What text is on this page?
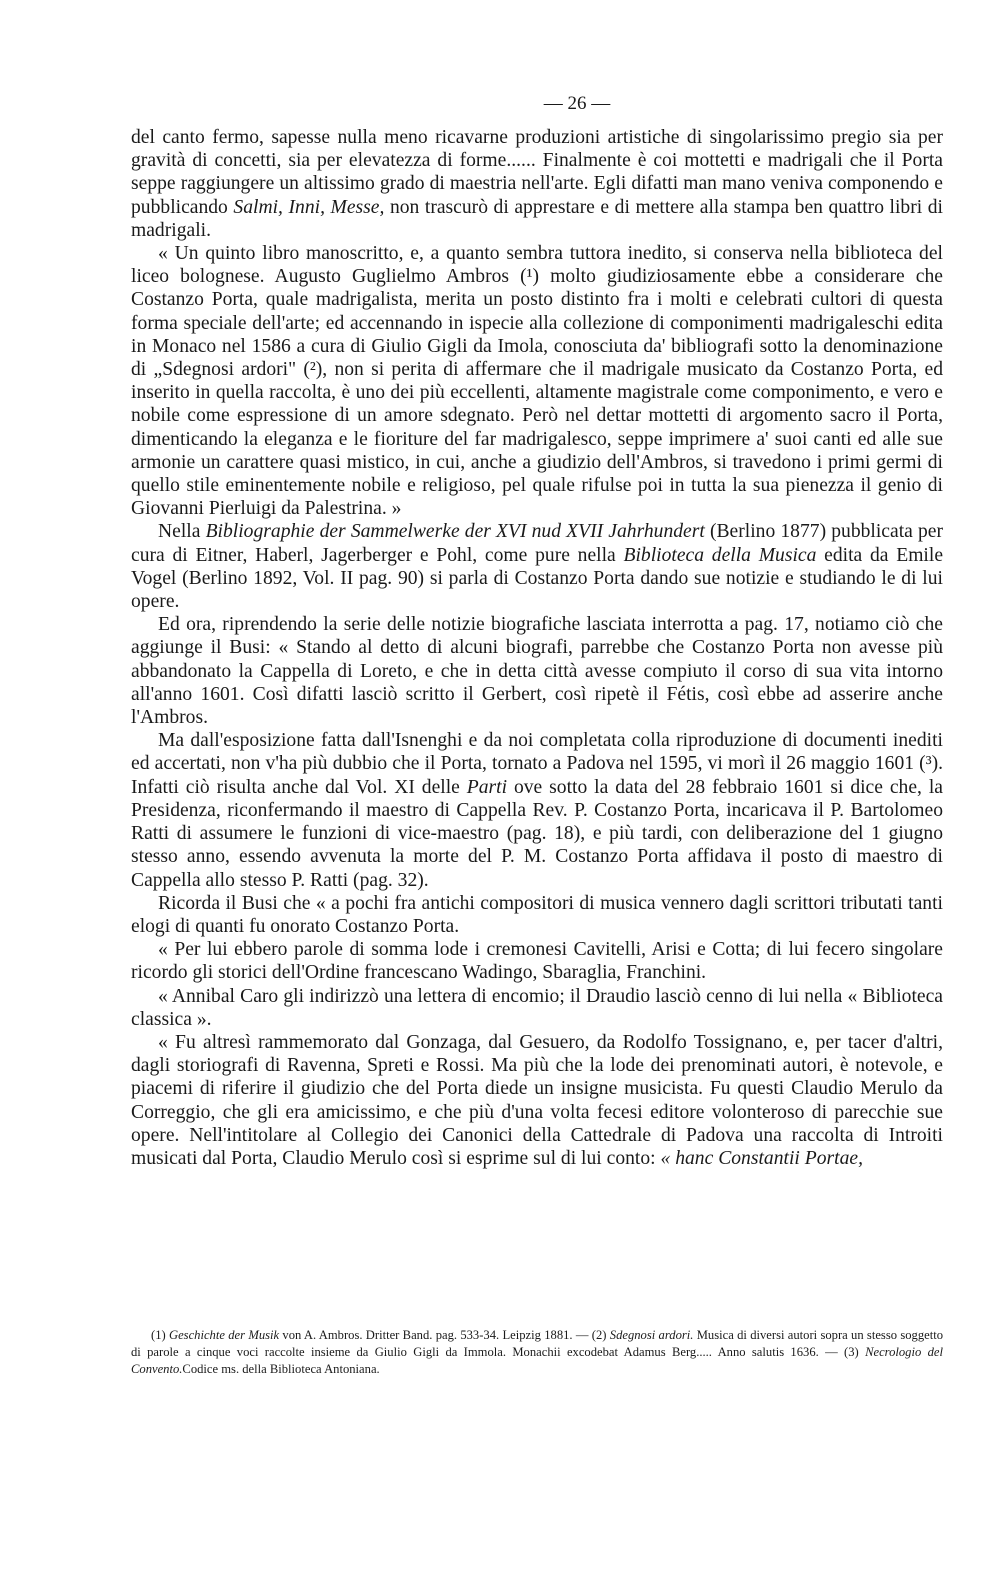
— 26 —

del canto fermo, sapesse nulla meno ricavarne produzioni artistiche di singolarissimo pregio sia per gravità di concetti, sia per elevatezza di forme...... Finalmente è coi mottetti e madrigali che il Porta seppe raggiungere un altissimo grado di maestria nell'arte. Egli difatti man mano veniva componendo e pubblicando Salmi, Inni, Messe, non trascurò di apprestare e di mettere alla stampa ben quattro libri di madrigali.

« Un quinto libro manoscritto, e, a quanto sembra tuttora inedito, si conserva nella biblioteca del liceo bolognese. Augusto Guglielmo Ambros (¹) molto giudiziosamente ebbe a considerare che Costanzo Porta, quale madrigalista, merita un posto distinto fra i molti e celebrati cultori di questa forma speciale dell'arte; ed accennando in ispecie alla collezione di componimenti madrigaleschi edita in Monaco nel 1586 a cura di Giulio Gigli da Imola, conosciuta da' bibliografi sotto la denominazione di „Sdegnosi ardori" (²), non si perita di affermare che il madrigale musicato da Costanzo Porta, ed inserito in quella raccolta, è uno dei più eccellenti, altamente magistrale come componimento, e vero e nobile come espressione di un amore sdegnato. Però nel dettar mottetti di argomento sacro il Porta, dimenticando la eleganza e le fioriture del far madrigalesco, seppe imprimere a' suoi canti ed alle sue armonie un carattere quasi mistico, in cui, anche a giudizio dell'Ambros, si travedono i primi germi di quello stile eminentemente nobile e religioso, pel quale rifulse poi in tutta la sua pienezza il genio di Giovanni Pierluigi da Palestrina. »

Nella Bibliographie der Sammelwerke der XVI nud XVII Jahrhundert (Berlino 1877) pubblicata per cura di Eitner, Haberl, Jagerberger e Pohl, come pure nella Biblioteca della Musica edita da Emile Vogel (Berlino 1892, Vol. II pag. 90) si parla di Costanzo Porta dando sue notizie e studiando le di lui opere.

Ed ora, riprendendo la serie delle notizie biografiche lasciata interrotta a pag. 17, notiamo ciò che aggiunge il Busi: « Stando al detto di alcuni biografi, parrebbe che Costanzo Porta non avesse più abbandonato la Cappella di Loreto, e che in detta città avesse compiuto il corso di sua vita intorno all'anno 1601. Così difatti lasciò scritto il Gerbert, così ripetè il Fétis, così ebbe ad asserire anche l'Ambros.

Ma dall'esposizione fatta dall'Isnenghi e da noi completata colla riproduzione di documenti inediti ed accertati, non v'ha più dubbio che il Porta, tornato a Padova nel 1595, vi morì il 26 maggio 1601 (³). Infatti ciò risulta anche dal Vol. XI delle Parti ove sotto la data del 28 febbraio 1601 si dice che, la Presidenza, riconfermando il maestro di Cappella Rev. P. Costanzo Porta, incaricava il P. Bartolomeo Ratti di assumere le funzioni di vice-maestro (pag. 18), e più tardi, con deliberazione del 1 giugno stesso anno, essendo avvenuta la morte del P. M. Costanzo Porta affidava il posto di maestro di Cappella allo stesso P. Ratti (pag. 32).

Ricorda il Busi che « a pochi fra antichi compositori di musica vennero dagli scrittori tributati tanti elogi di quanti fu onorato Costanzo Porta.

« Per lui ebbero parole di somma lode i cremonesi Cavitelli, Arisi e Cotta; di lui fecero singolare ricordo gli storici dell'Ordine francescano Wadingo, Sbaraglia, Franchini.

« Annibal Caro gli indirizzò una lettera di encomio; il Draudio lasciò cenno di lui nella « Biblioteca classica ».

« Fu altresì rammemorato dal Gonzaga, dal Gesuero, da Rodolfo Tossignano, e, per tacer d'altri, dagli storiografi di Ravenna, Spreti e Rossi. Ma più che la lode dei prenominati autori, è notevole, e piacemi di riferire il giudizio che del Porta diede un insigne musicista. Fu questi Claudio Merulo da Correggio, che gli era amicissimo, e che più d'una volta fecesi editore volonteroso di parecchie sue opere. Nell'intitolare al Collegio dei Canonici della Cattedrale di Padova una raccolta di Introiti musicati dal Porta, Claudio Merulo così si esprime sul di lui conto: « hanc Constantii Portae,

(1) Geschichte der Musik von A. Ambros. Dritter Band. pag. 533-34. Leipzig 1881. — (2) Sdegnosi ardori. Musica di diversi autori sopra un stesso soggetto di parole a cinque voci raccolte insieme da Giulio Gigli da Immola. Monachii excodebat Adamus Berg..... Anno salutis 1636. — (3) Necrologio del Convento.Codice ms. della Biblioteca Antoniana.
